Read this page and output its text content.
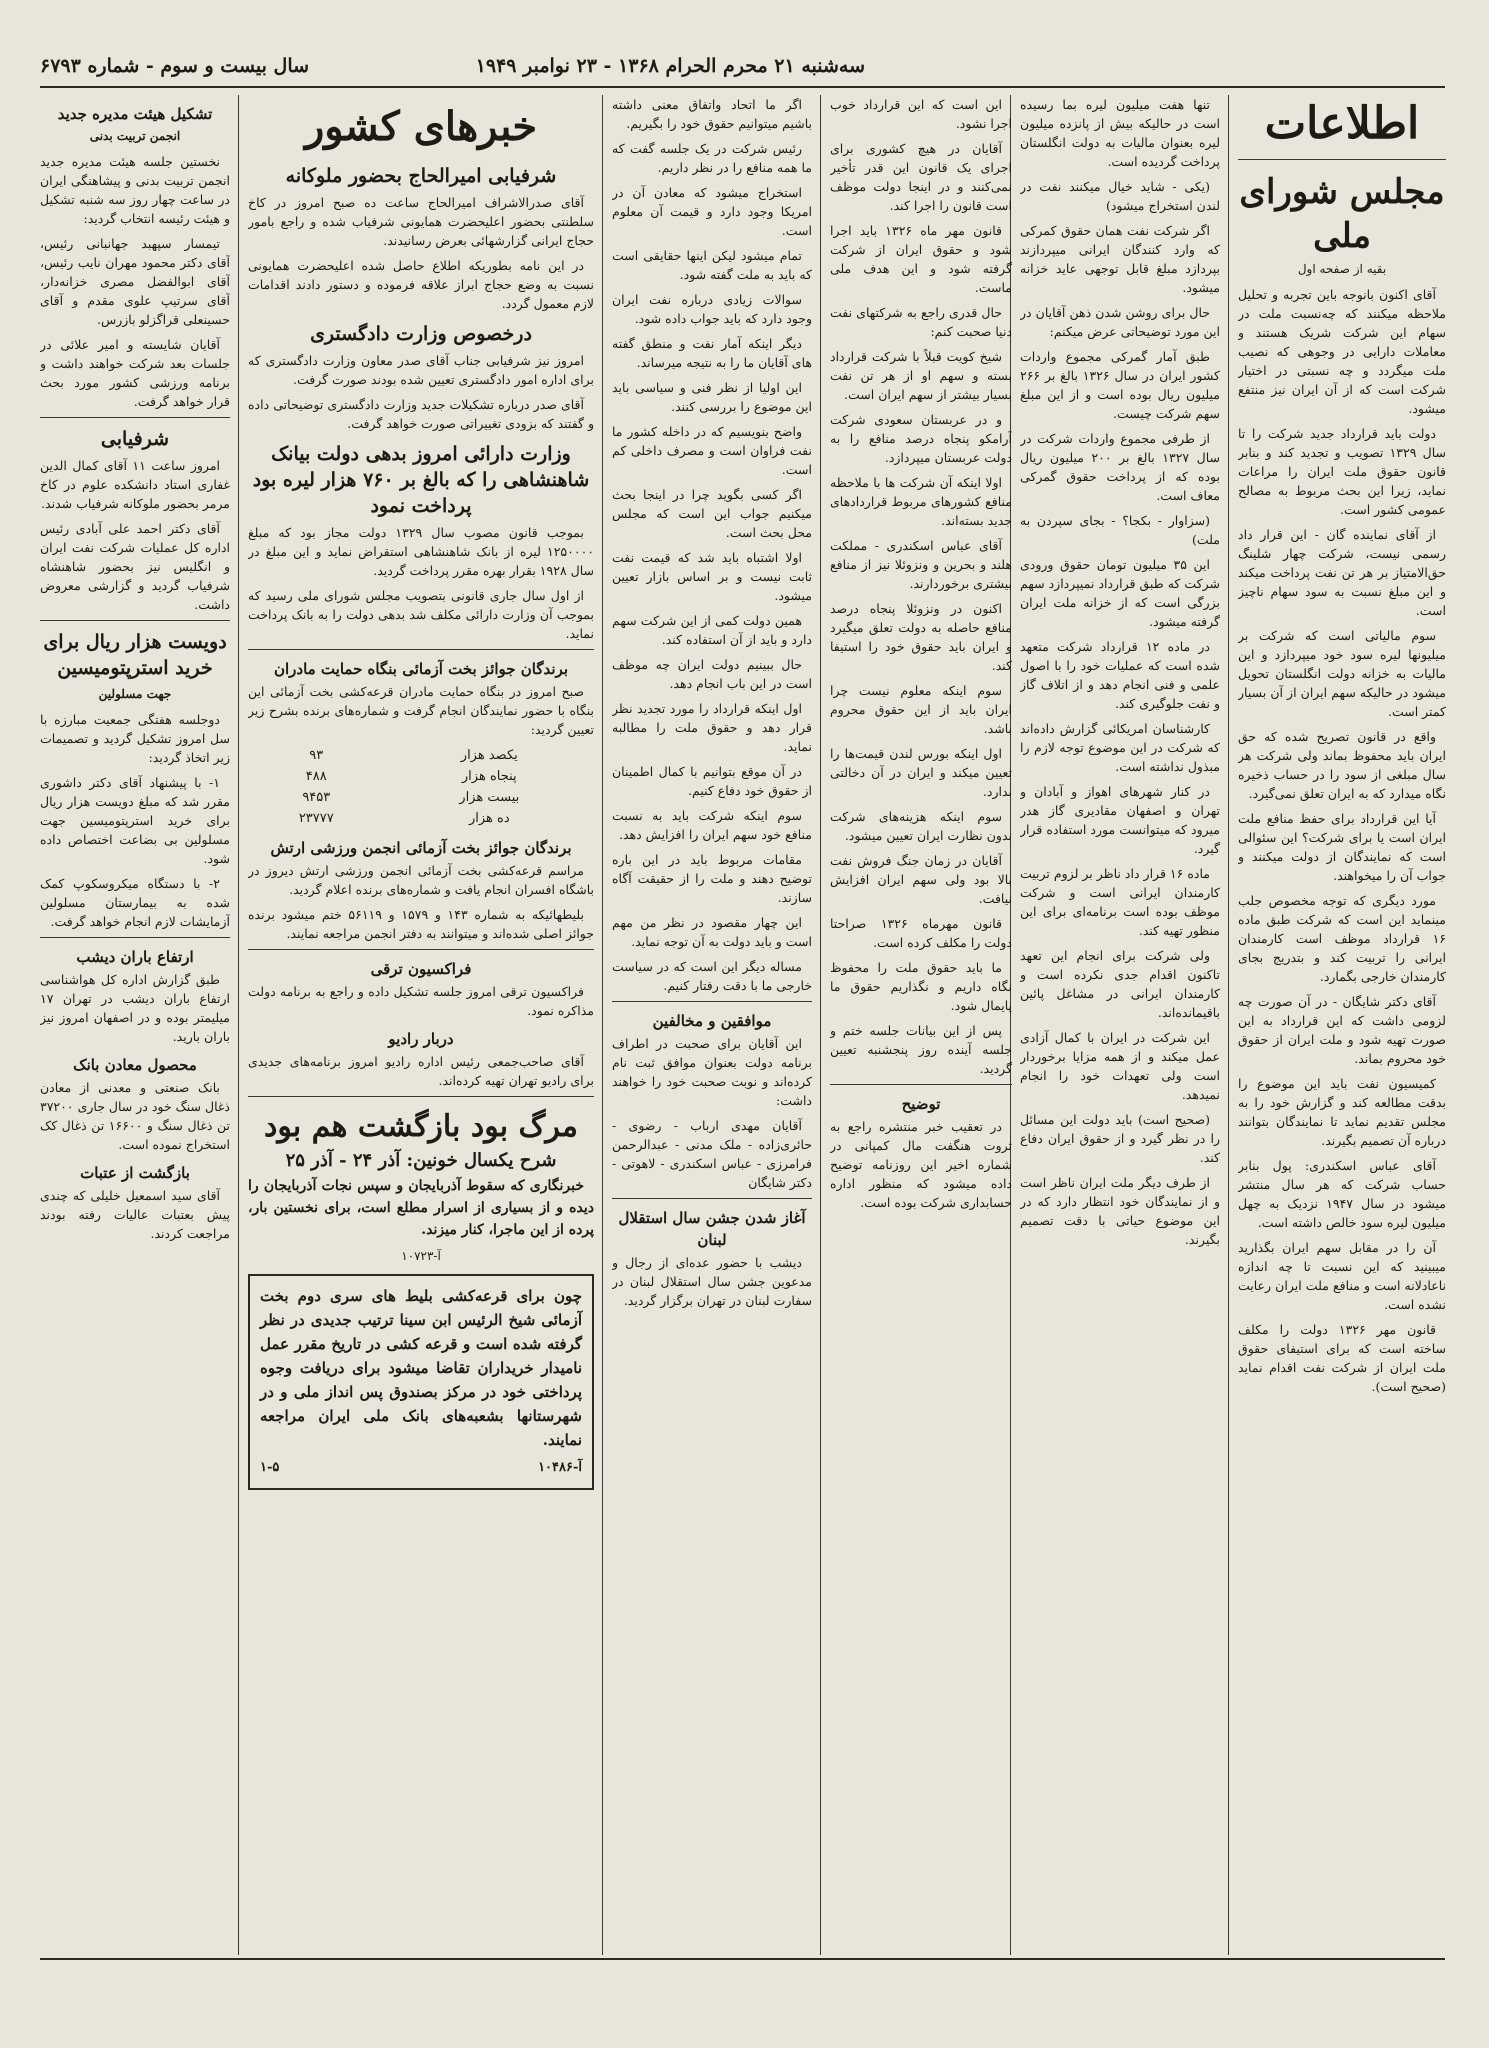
سه‌شنبه ۲۱ محرم الحرام ۱۳۶۸ - ۲۳ نوامبر ۱۹۴۹
سال بیست و سوم - شماره ۶۷۹۳
اطلاعات
مجلس شورای ملی
بقیه از صفحه اول

آقای اکنون بانوجه باین تجربه و تحلیل ملاحظه میکنند که چه‌نسبت ملت در سهام این شرکت شریک هستند و معاملات دارایی در وجوهی که نصیب ملت میگردد و چه نسبتی در اختیار شرکت است که از آن ایران نیز منتفع میشود.

دولت باید قرارداد جدید شرکت را تا سال ۱۳۲۹ تصویب و تجدید کند و بنابر قانون حقوق ملت ایران را مراعات نماید، زیرا این بحث مربوط به مصالح عمومی کشور است.

از آقای نماینده گان - این قرار داد رسمی نیست، شرکت چهار شلینگ حق‌الامتیاز بر هر تن نفت پرداخت میکند و این مبلغ نسبت به سود سهام ناچیز است.

سوم مالیاتی است که شرکت بر میلیونها لیره سود خود میپردازد و این مالیات به خزانه دولت انگلستان تحویل میشود در حالیکه سهم ایران از آن بسیار کمتر است.

واقع در قانون تصریح شده که حق ایران باید محفوظ بماند ولی شرکت هر سال مبلغی از سود را در حساب ذخیره نگاه میدارد که به ایران تعلق نمی‌گیرد.

آیا این قرارداد برای حفظ منافع ملت ایران است یا برای شرکت؟ این سئوالی است که نمایندگان از دولت میکنند و جواب آن را میخواهند.

مورد دیگری که توجه مخصوص جلب مینماید این است که شرکت طبق ماده ۱۶ قرارداد موظف است کارمندان ایرانی را تربیت کند و بتدریج بجای کارمندان خارجی بگمارد.

آقای دکتر شایگان - در آن صورت چه لزومی داشت که این قرارداد به این صورت تهیه شود و ملت ایران از حقوق خود محروم بماند.

کمیسیون نفت باید این موضوع را بدقت مطالعه کند و گزارش خود را به مجلس تقدیم نماید تا نمایندگان بتوانند درباره آن تصمیم بگیرند.

آقای عباس اسکندری: پول بنابر حساب شرکت که هر سال منتشر میشود در سال ۱۹۴۷ نزدیک به چهل میلیون لیره سود خالص داشته است.

آن را در مقابل سهم ایران بگذارید میبینید که این نسبت تا چه اندازه ناعادلانه است و منافع ملت ایران رعایت نشده است.

قانون مهر ۱۳۲۶ دولت را مکلف ساخته است که برای استیفای حقوق ملت ایران از شرکت نفت اقدام نماید (صحیح است).

تنها هفت میلیون لیره بما رسیده است در حالیکه بیش از پانزده میلیون لیره بعنوان مالیات به دولت انگلستان پرداخت گردیده است.

(یکی - شاید خیال میکنند نفت در لندن استخراج میشود)

اگر شرکت نفت همان حقوق کمرکی که وارد کنندگان ایرانی میپردازند بپردازد مبلغ قابل توجهی عاید خزانه میشود.

حال برای روشن شدن ذهن آقایان در این مورد توضیحاتی عرض میکنم:

طبق آمار گمرکی مجموع واردات کشور ایران در سال ۱۳۲۶ بالغ بر ۲۶۶ میلیون ریال بوده است و از این مبلغ سهم شرکت چیست.

از طرفی مجموع واردات شرکت در سال ۱۳۲۷ بالغ بر ۲۰۰ میلیون ریال بوده که از پرداخت حقوق گمرکی معاف است.

(سزاوار - بکجا؟ - بجای سپردن به ملت)

این ۳۵ میلیون تومان حقوق ورودی شرکت که طبق قرارداد نمیپردازد سهم بزرگی است که از خزانه ملت ایران گرفته میشود.

در ماده ۱۲ قرارداد شرکت متعهد شده است که عملیات خود را با اصول علمی و فنی انجام دهد و از اتلاف گاز و نفت جلوگیری کند.

کارشناسان امریکائی گزارش داده‌اند که شرکت در این موضوع توجه لازم را مبذول نداشته است.

در کنار شهرهای اهواز و آبادان و تهران و اصفهان مقادیری گاز هدر میرود که میتوانست مورد استفاده قرار گیرد.

ماده ۱۶ قرار داد ناظر بر لزوم تربیت کارمندان ایرانی است و شرکت موظف بوده است برنامه‌ای برای این منظور تهیه کند.

ولی شرکت برای انجام این تعهد تاکنون اقدام جدی نکرده است و کارمندان ایرانی در مشاغل پائین باقیمانده‌اند.

این شرکت در ایران با کمال آزادی عمل میکند و از همه مزایا برخوردار است ولی تعهدات خود را انجام نمیدهد.

(صحیح است) باید دولت این مسائل را در نظر گیرد و از حقوق ایران دفاع کند.

از طرف دیگر ملت ایران ناظر است و از نمایندگان خود انتظار دارد که در این موضوع حیاتی با دقت تصمیم بگیرند.

این است که این قرارداد خوب اجرا نشود.

آقایان در هیچ کشوری برای اجرای یک قانون این قدر تأخیر نمی‌کنند و در اینجا دولت موظف است قانون را اجرا کند.

قانون مهر ماه ۱۳۲۶ باید اجرا شود و حقوق ایران از شرکت گرفته شود و این هدف ملی ماست.

حال قدری راجع به شرکتهای نفت دنیا صحبت کنم:

شیخ کویت قبلاً با شرکت قرارداد بسته و سهم او از هر تن نفت بسیار بیشتر از سهم ایران است.

و در عربستان سعودی شرکت آرامکو پنجاه درصد منافع را به دولت عربستان میپردازد.

اولا اینکه آن شرکت ها با ملاحظه منافع کشورهای مربوط قراردادهای جدید بسته‌اند.

آقای عباس اسکندری - مملکت هلند و بحرین و ونزوئلا نیز از منافع بیشتری برخوردارند.

اکنون در ونزوئلا پنجاه درصد منافع حاصله به دولت تعلق میگیرد و ایران باید حقوق خود را استیفا کند.

سوم اینکه معلوم نیست چرا ایران باید از این حقوق محروم باشد.

اول اینکه بورس لندن قیمت‌ها را تعیین میکند و ایران در آن دخالتی ندارد.

سوم اینکه هزینه‌های شرکت بدون نظارت ایران تعیین میشود.

آقایان در زمان جنگ فروش نفت بالا بود ولی سهم ایران افزایش نیافت.

قانون مهرماه ۱۳۲۶ صراحتا دولت را مکلف کرده است.

ما باید حقوق ملت را محفوظ نگاه داریم و نگذاریم حقوق ما پایمال شود.

پس از این بیانات جلسه ختم و جلسه آینده روز پنجشنبه تعیین گردید.

توضیح

در تعقیب خبر منتشره راجع به ثروت هنگفت مال کمپانی در شماره اخیر این روزنامه توضیح داده میشود که منظور اداره حسابداری شرکت بوده است.

اگر ما اتحاد واتفاق معنی داشته باشیم میتوانیم حقوق خود را بگیریم.

رئیس شرکت در یک جلسه گفت که ما همه منافع را در نظر داریم.

استخراج میشود که معادن آن در امریکا وجود دارد و قیمت آن معلوم است.

تمام میشود لیکن اینها حقایقی است که باید به ملت گفته شود.

سوالات زیادی درباره نفت ایران وجود دارد که باید جواب داده شود.

دیگر اینکه آمار نفت و منطق گفته های آقایان ما را به نتیجه میرساند.

این اولیا از نظر فنی و سیاسی باید این موضوع را بررسی کنند.

واضح بنویسیم که در داخله کشور ما نفت فراوان است و مصرف داخلی کم است.

اگر کسی بگوید چرا در اینجا بحث میکنیم جواب این است که مجلس محل بحث است.

اولا اشتباه باید شد که قیمت نفت ثابت نیست و بر اساس بازار تعیین میشود.

همین دولت کمی از این شرکت سهم دارد و باید از آن استفاده کند.

حال ببینیم دولت ایران چه موظف است در این باب انجام دهد.

اول اینکه قرارداد را مورد تجدید نظر قرار دهد و حقوق ملت را مطالبه نماید.

در آن موقع بتوانیم با کمال اطمینان از حقوق خود دفاع کنیم.

سوم اینکه شرکت باید به نسبت منافع خود سهم ایران را افزایش دهد.

مقامات مربوط باید در این باره توضیح دهند و ملت را از حقیقت آگاه سازند.

این چهار مقصود در نظر من مهم است و باید دولت به آن توجه نماید.

مساله دیگر این است که در سیاست خارجی ما با دقت رفتار کنیم.

موافقین و مخالفین

این آقایان برای صحبت در اطراف برنامه دولت بعنوان موافق ثبت نام کرده‌اند و نوبت صحبت خود را خواهند داشت:

آقایان مهدی ارباب - رضوی - حائری‌زاده - ملک مدنی - عبدالرحمن فرامرزی - عباس اسکندری - لاهوتی - دکتر شایگان

آغاز شدن جشن سال استقلال لبنان

دیشب با حضور عده‌ای از رجال و مدعوین جشن سال استقلال لبنان در سفارت لبنان در تهران برگزار گردید.

خبرهای کشور
شرفیابی امیرالحاج بحضور ملوکانه

آقای صدرالاشراف امیرالحاج ساعت ده صبح امروز در کاخ سلطنتی بحضور اعلیحضرت همایونی شرفیاب شده و راجع بامور حجاج ایرانی گزارشهائی بعرض رسانیدند.

در این نامه بطوریکه اطلاع حاصل شده اعلیحضرت همایونی نسبت به وضع حجاج ابراز علاقه فرموده و دستور دادند اقدامات لازم معمول گردد.

درخصوص وزارت دادگستری

امروز نیز شرفیابی جناب آقای صدر معاون وزارت دادگستری که برای اداره امور دادگستری تعیین شده بودند صورت گرفت.

آقای صدر درباره تشکیلات جدید وزارت دادگستری توضیحاتی داده و گفتند که بزودی تغییراتی صورت خواهد گرفت.

وزارت دارائی امروز بدهی دولت بیانک شاهنشاهی را که بالغ بر ۷۶۰ هزار لیره بود پرداخت نمود

بموجب قانون مصوب سال ۱۳۲۹ دولت مجاز بود که مبلغ ۱۲۵۰۰۰۰ لیره از بانک شاهنشاهی استقراض نماید و این مبلغ در سال ۱۹۲۸ بقرار بهره مقرر پرداخت گردید.

از اول سال جاری قانونی بتصویب مجلس شورای ملی رسید که بموجب آن وزارت دارائی مکلف شد بدهی دولت را به بانک پرداخت نماید.

برندگان جوائز بخت آزمائی بنگاه حمایت مادران

صبح امروز در بنگاه حمایت مادران قرعه‌کشی بخت آزمائی این بنگاه با حضور نمایندگان انجام گرفت و شماره‌های برنده بشرح زیر تعیین گردید:

یکصد هزار	۹۳
پنجاه هزار	۴۸۸
بیست هزار	۹۴۵۳
ده هزار	۲۳۷۷۷
برندگان جوائز بخت آزمائی انجمن ورزشی ارتش

مراسم قرعه‌کشی بخت آزمائی انجمن ورزشی ارتش دیروز در باشگاه افسران انجام یافت و شماره‌های برنده اعلام گردید.

بلیطهائیکه به شماره ۱۴۳ و ۱۵۷۹ و ۵۶۱۱۹ ختم میشود برنده جوائز اصلی شده‌اند و میتوانند به دفتر انجمن مراجعه نمایند.

فراکسیون ترقی

فراکسیون ترقی امروز جلسه تشکیل داده و راجع به برنامه دولت مذاکره نمود.

دربار رادیو

آقای صاحب‌جمعی رئیس اداره رادیو امروز برنامه‌های جدیدی برای رادیو تهران تهیه کرده‌اند.

مرگ بود بازگشت هم بود
شرح یکسال خونین: آذر ۲۴ - آذر ۲۵

خبرنگاری که سقوط آذربایجان و سپس نجات آذربایجان را دیده و از بسیاری از اسرار مطلع است، برای نخستین بار، پرده از این ماجرا، کنار میزند.

آ-۱۰۷۲۳
چون برای قرعه‌کشی بلیط های سری دوم بخت آزمائی شیخ الرئیس ابن سینا ترتیب جدیدی در نظر گرفته شده است و قرعه کشی در تاریخ مقرر عمل نامیدار خریداران تقاضا میشود برای دریافت وجوه پرداختی خود در مرکز بصندوق پس انداز ملی و در شهرستانها بشعبه‌های بانک ملی ایران مراجعه نمایند.
آ-۱۰۴۸۶
۱-۵
تشکیل هیئت مدیره جدید
انجمن تربیت بدنی

نخستین جلسه هیئت مدیره جدید انجمن تربیت بدنی و پیشاهنگی ایران در ساعت چهار روز سه شنبه تشکیل و هیئت رئیسه انتخاب گردید:

تیمسار سپهبد جهانبانی رئیس، آقای دکتر محمود مهران نایب رئیس، آقای ابوالفضل مصری خزانه‌دار، آقای سرتیپ علوی مقدم و آقای حسینعلی قراگزلو بازرس.

آقایان شایسته و امیر علائی در جلسات بعد شرکت خواهند داشت و برنامه ورزشی کشور مورد بحث قرار خواهد گرفت.

شرفیابی

امروز ساعت ۱۱ آقای کمال الدین غفاری استاد دانشکده علوم در کاخ مرمر بحضور ملوکانه شرفیاب شدند.

آقای دکتر احمد علی آبادی رئیس اداره کل عملیات شرکت نفت ایران و انگلیس نیز بحضور شاهنشاه شرفیاب گردید و گزارشی معروض داشت.

دویست هزار ریال برای خرید استرپتومیسین
جهت مسلولین

دوجلسه هفتگی جمعیت مبارزه با سل امروز تشکیل گردید و تصمیمات زیر اتخاذ گردید:

۱- با پیشنهاد آقای دکتر داشوری مقرر شد که مبلغ دویست هزار ریال برای خرید استرپتومیسین جهت مسلولین بی بضاعت اختصاص داده شود.

۲- با دستگاه میکروسکوپ کمک شده به بیمارستان مسلولین آزمایشات لازم انجام خواهد گرفت.

ارتفاع باران دیشب

طبق گزارش اداره کل هواشناسی ارتفاع باران دیشب در تهران ۱۷ میلیمتر بوده و در اصفهان امروز نیز باران بارید.

محصول معادن بانک

بانک صنعتی و معدنی از معادن ذغال سنگ خود در سال جاری ۳۷۲۰۰ تن ذغال سنگ و ۱۶۶۰۰ تن ذغال کک استخراج نموده است.

بازگشت از عتبات

آقای سید اسمعیل خلیلی که چندی پیش بعتبات عالیات رفته بودند مراجعت کردند.
